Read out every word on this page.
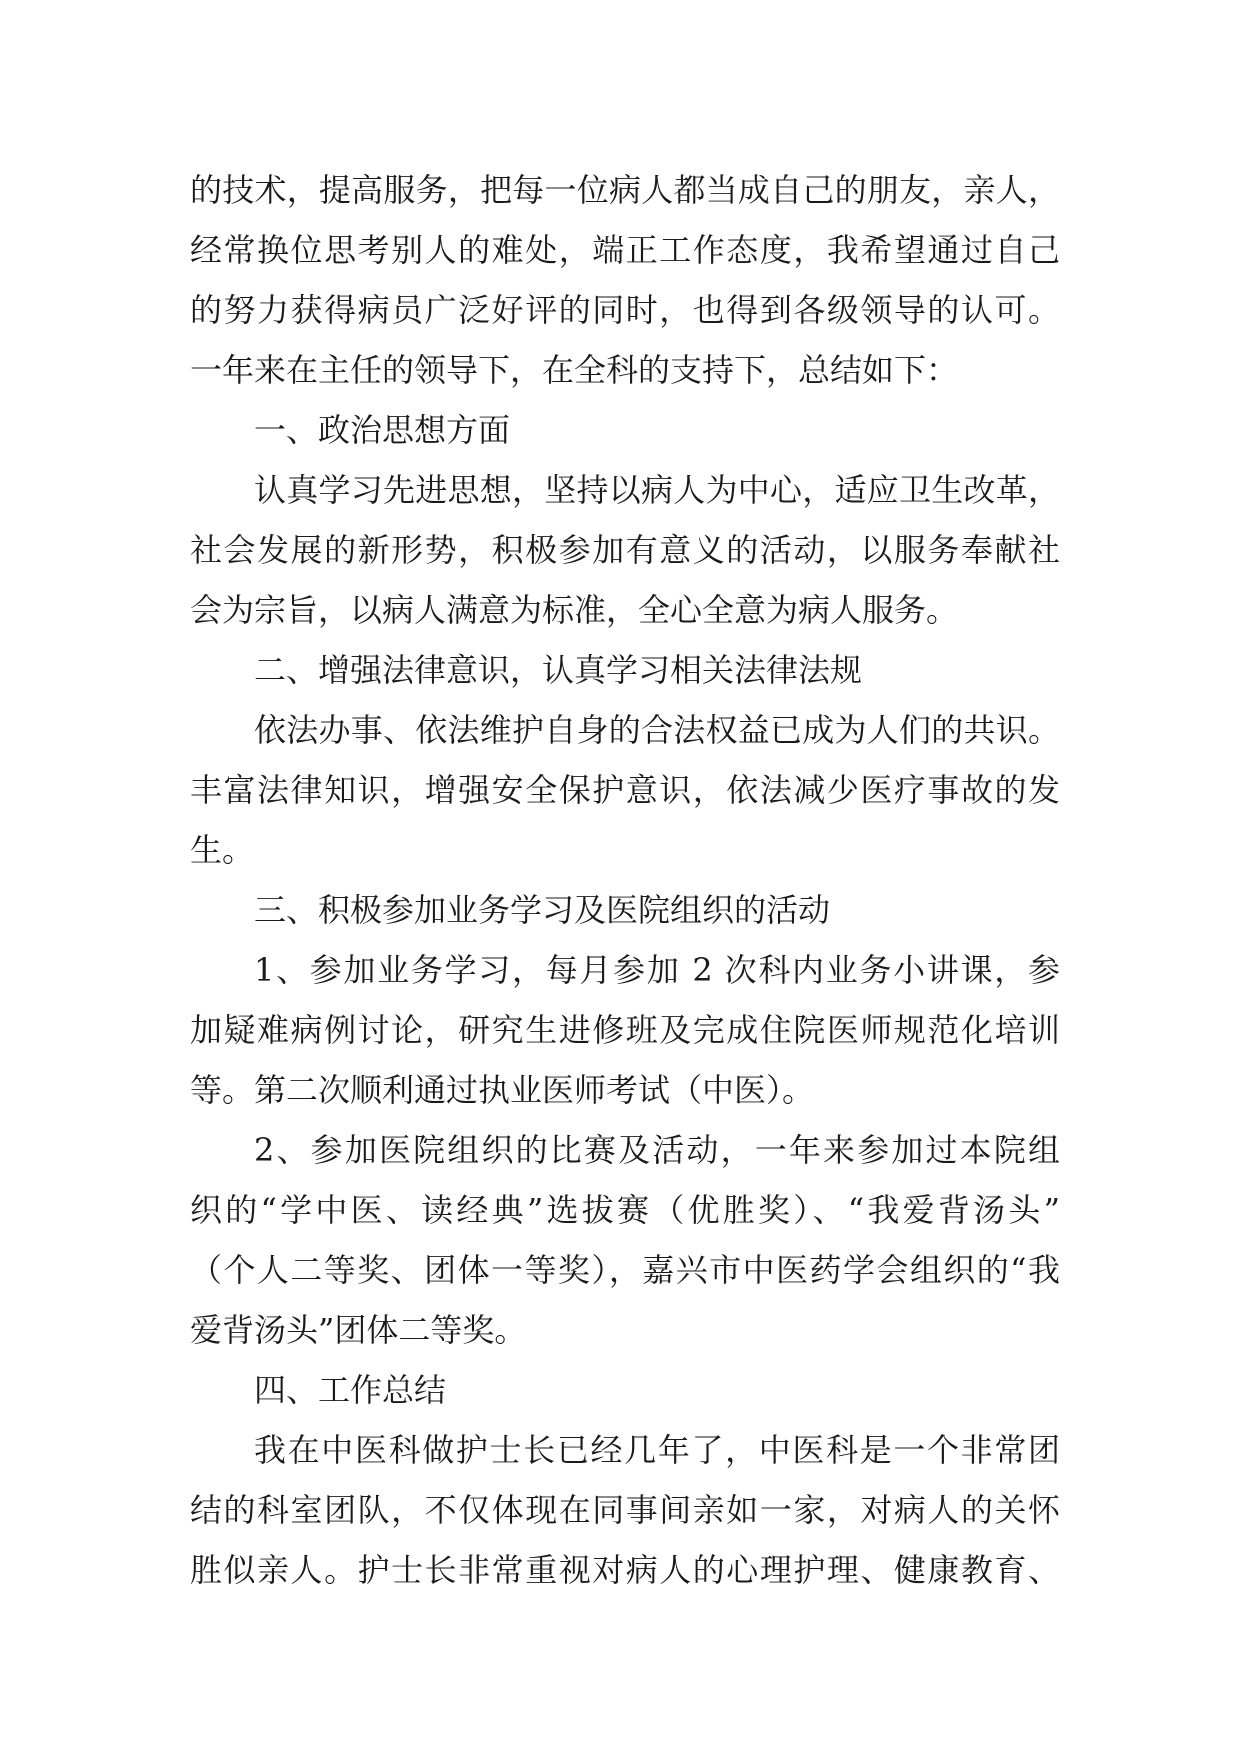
的技术，提高服务，把每一位病人都当成自己的朋友，亲人，
经常换位思考别人的难处，端正工作态度，我希望通过自己
的努力获得病员广泛好评的同时，也得到各级领导的认可。
一年来在主任的领导下，在全科的支持下，总结如下：
一、政治思想方面
认真学习先进思想，坚持以病人为中心，适应卫生改革，
社会发展的新形势，积极参加有意义的活动，以服务奉献社
会为宗旨，以病人满意为标准，全心全意为病人服务。
二、增强法律意识，认真学习相关法律法规
依法办事、依法维护自身的合法权益已成为人们的共识。
丰富法律知识，增强安全保护意识，依法减少医疗事故的发
生。
三、积极参加业务学习及医院组织的活动
1、参加业务学习，每月参加 2 次科内业务小讲课，参
加疑难病例讨论，研究生进修班及完成住院医师规范化培训
等。第二次顺利通过执业医师考试（中医）。
2、参加医院组织的比赛及活动，一年来参加过本院组
织的“学中医、读经典”选拔赛（优胜奖）、“我爱背汤头”
（个人二等奖、团体一等奖），嘉兴市中医药学会组织的“我
爱背汤头”团体二等奖。
四、工作总结
我在中医科做护士长已经几年了，中医科是一个非常团
结的科室团队，不仅体现在同事间亲如一家，对病人的关怀
胜似亲人。护士长非常重视对病人的心理护理、健康教育、
